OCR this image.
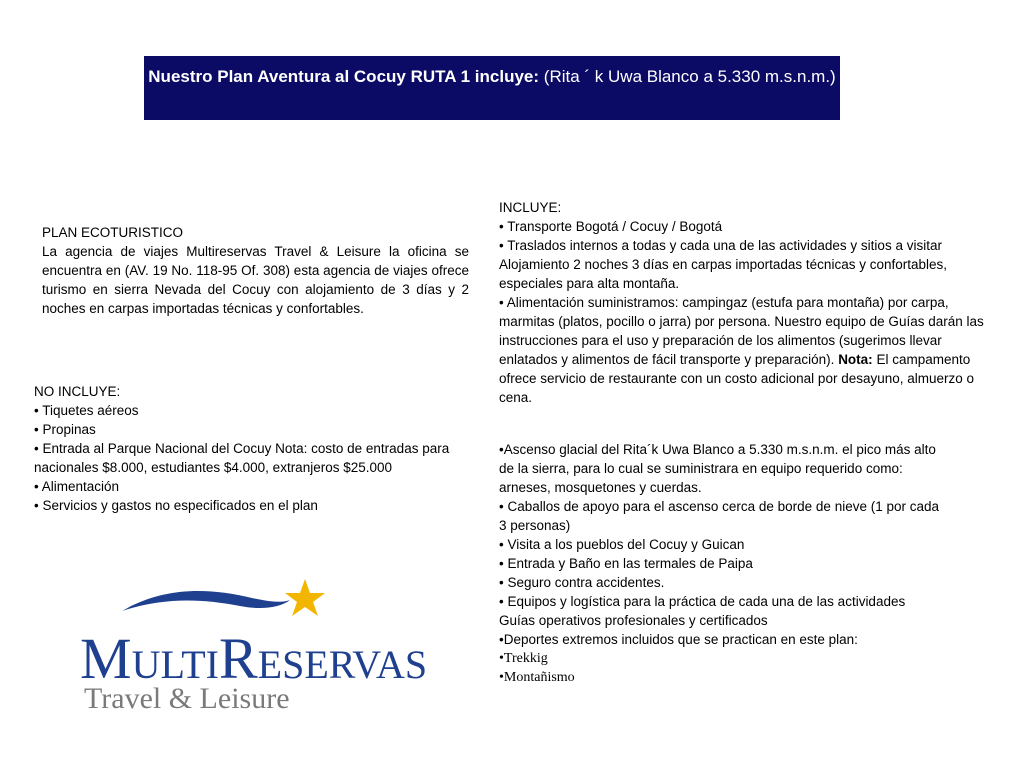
Nuestro Plan Aventura al Cocuy RUTA 1 incluye: (Rita ´ k Uwa Blanco a 5.330 m.s.n.m.)
PLAN ECOTURISTICO
La agencia de viajes Multireservas Travel & Leisure la oficina se encuentra en (AV. 19 No. 118-95 Of. 308) esta agencia de viajes ofrece turismo en sierra Nevada del Cocuy con alojamiento de 3 días y 2 noches en carpas importadas técnicas y confortables.
NO INCLUYE:
• Tiquetes aéreos
• Propinas
• Entrada al Parque Nacional del Cocuy Nota: costo de entradas para nacionales $8.000, estudiantes $4.000, extranjeros $25.000
• Alimentación
• Servicios y gastos no especificados en el plan
INCLUYE:
• Transporte Bogotá / Cocuy / Bogotá
• Traslados internos a todas y cada una de las actividades y sitios a visitar
Alojamiento 2 noches 3 días en carpas importadas técnicas y confortables, especiales para alta montaña.
• Alimentación suministramos: campingaz (estufa para montaña) por carpa, marmitas (platos, pocillo o jarra) por persona. Nuestro equipo de Guías darán las instrucciones para el uso y preparación de los alimentos (sugerimos llevar enlatados y alimentos de fácil transporte y preparación). Nota: El campamento ofrece servicio de restaurante con un costo adicional por desayuno, almuerzo o cena.
•Ascenso glacial del Rita´k Uwa Blanco a 5.330 m.s.n.m. el pico más alto de la sierra, para lo cual se suministrara en equipo requerido como: arneses, mosquetones y cuerdas.
• Caballos de apoyo para el ascenso cerca de borde de nieve (1 por cada 3 personas)
• Visita a los pueblos del Cocuy y Guican
• Entrada y Baño en las termales de Paipa
• Seguro contra accidentes.
• Equipos y logística para la práctica de cada una de las actividades
Guías operativos profesionales y certificados
•Deportes extremos incluidos que se practican en este plan:
•Trekkig
•Montañismo
MULTIRESERVAS
Travel & Leisure
